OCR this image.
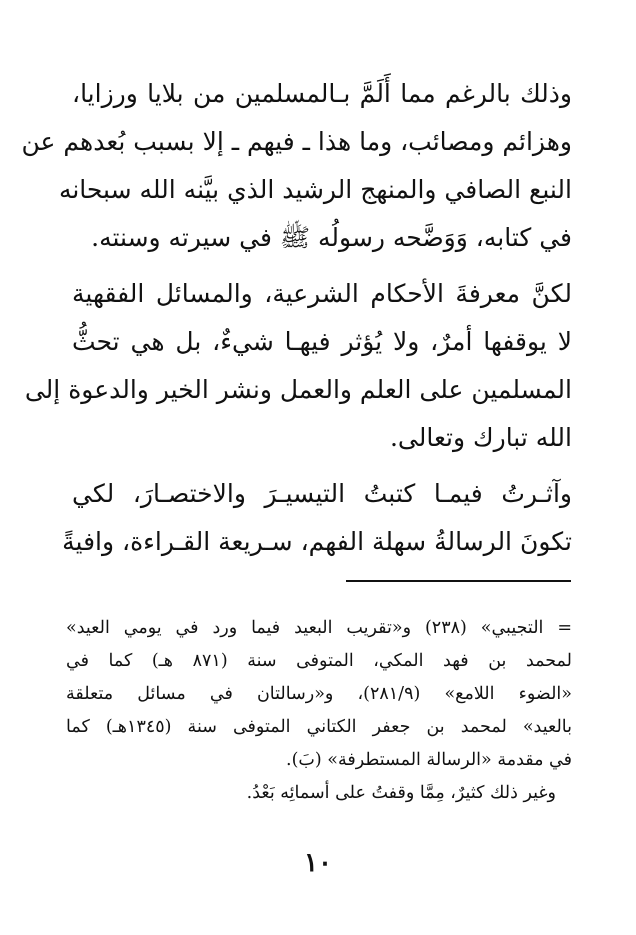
وذلك بالرغم مما أَلَمَّ بـالمسلمين من بلايا ورزايا،
وهزائم ومصائب، وما هذا ـ فيهم ـ إلا بسبب بُعدهم عن
النبع الصافي والمنهج الرشيد الذي بيَّنه الله سبحانه
في كتابه، وَوَضَّحه رسولُه ﷺ في سيرته وسنته.

لكنَّ معرفةَ الأحكام الشرعية، والمسائل الفقهية
لا يوقفها أمرٌ، ولا يُؤثر فيهـا شيءٌ، بل هي تحثُّ
المسلمين على العلم والعمل ونشر الخير والدعوة إلى
الله تبارك وتعالى.

وآثـرتُ فيمـا كتبتُ التيسيـرَ والاختصـارَ، لكي
تكونَ الرسالةُ سهلة الفهم، سـريعة القـراءة، وافيةً

= التجيبي» (٢٣٨) و«تقريب البعيد فيما ورد في يومي العيد»
لمحمد بن فهد المكي، المتوفى سنة (٨٧١ هـ) كما في
«الضوء اللامع» (٢٨١/٩)، و«رسالتان في مسائل متعلقة
بالعيد» لمحمد بن جعفر الكتاني المتوفى سنة (١٣٤٥هـ) كما
في مقدمة «الرسالة المستطرفة» (بَ).
وغير ذلك كثيرٌ، مِمَّا وقفتُ على أسمائِه بَعْدُ.
١٠
